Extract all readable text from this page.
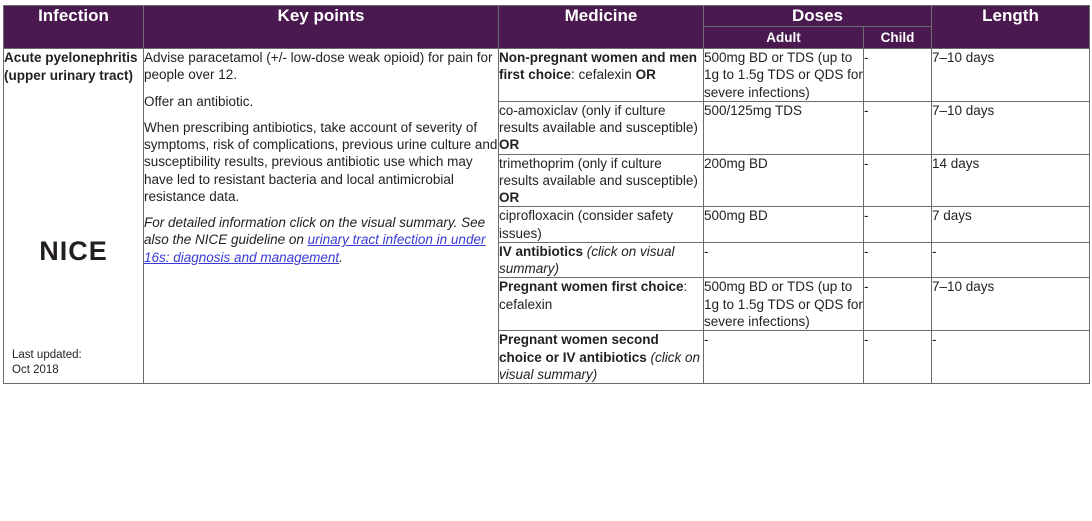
Infection	Key points	Medicine	Doses		Length
			Adult	Child	

Acute pyelonephritis (upper urinary tract)
NICE
Last updated:
Oct 2018

Advise paracetamol (+/- low-dose weak opioid) for pain for people over 12.

Offer an antibiotic.

When prescribing antibiotics, take account of severity of symptoms, risk of complications, previous urine culture and susceptibility results, previous antibiotic use which may have led to resistant bacteria and local antimicrobial resistance data.

For detailed information click on the visual summary. See also the NICE guideline on urinary tract infection in under 16s: diagnosis and management.

	Non-pregnant women and men first choice: cefalexin OR	500mg BD or TDS (up to 1g to 1.5g TDS or QDS for severe infections)	-	7–10 days
		co-amoxiclav (only if culture results available and susceptible) OR	500/125mg TDS	-	7–10 days
		trimethoprim (only if culture results available and susceptible) OR	200mg BD	-	14 days
		ciprofloxacin (consider safety issues)	500mg BD	-	7 days
		IV antibiotics (click on visual summary)	-	-	-
		Pregnant women first choice: cefalexin	500mg BD or TDS (up to 1g to 1.5g TDS or QDS for severe infections)	-	7–10 days
		Pregnant women second choice or IV antibiotics (click on visual summary)	-	-	-
